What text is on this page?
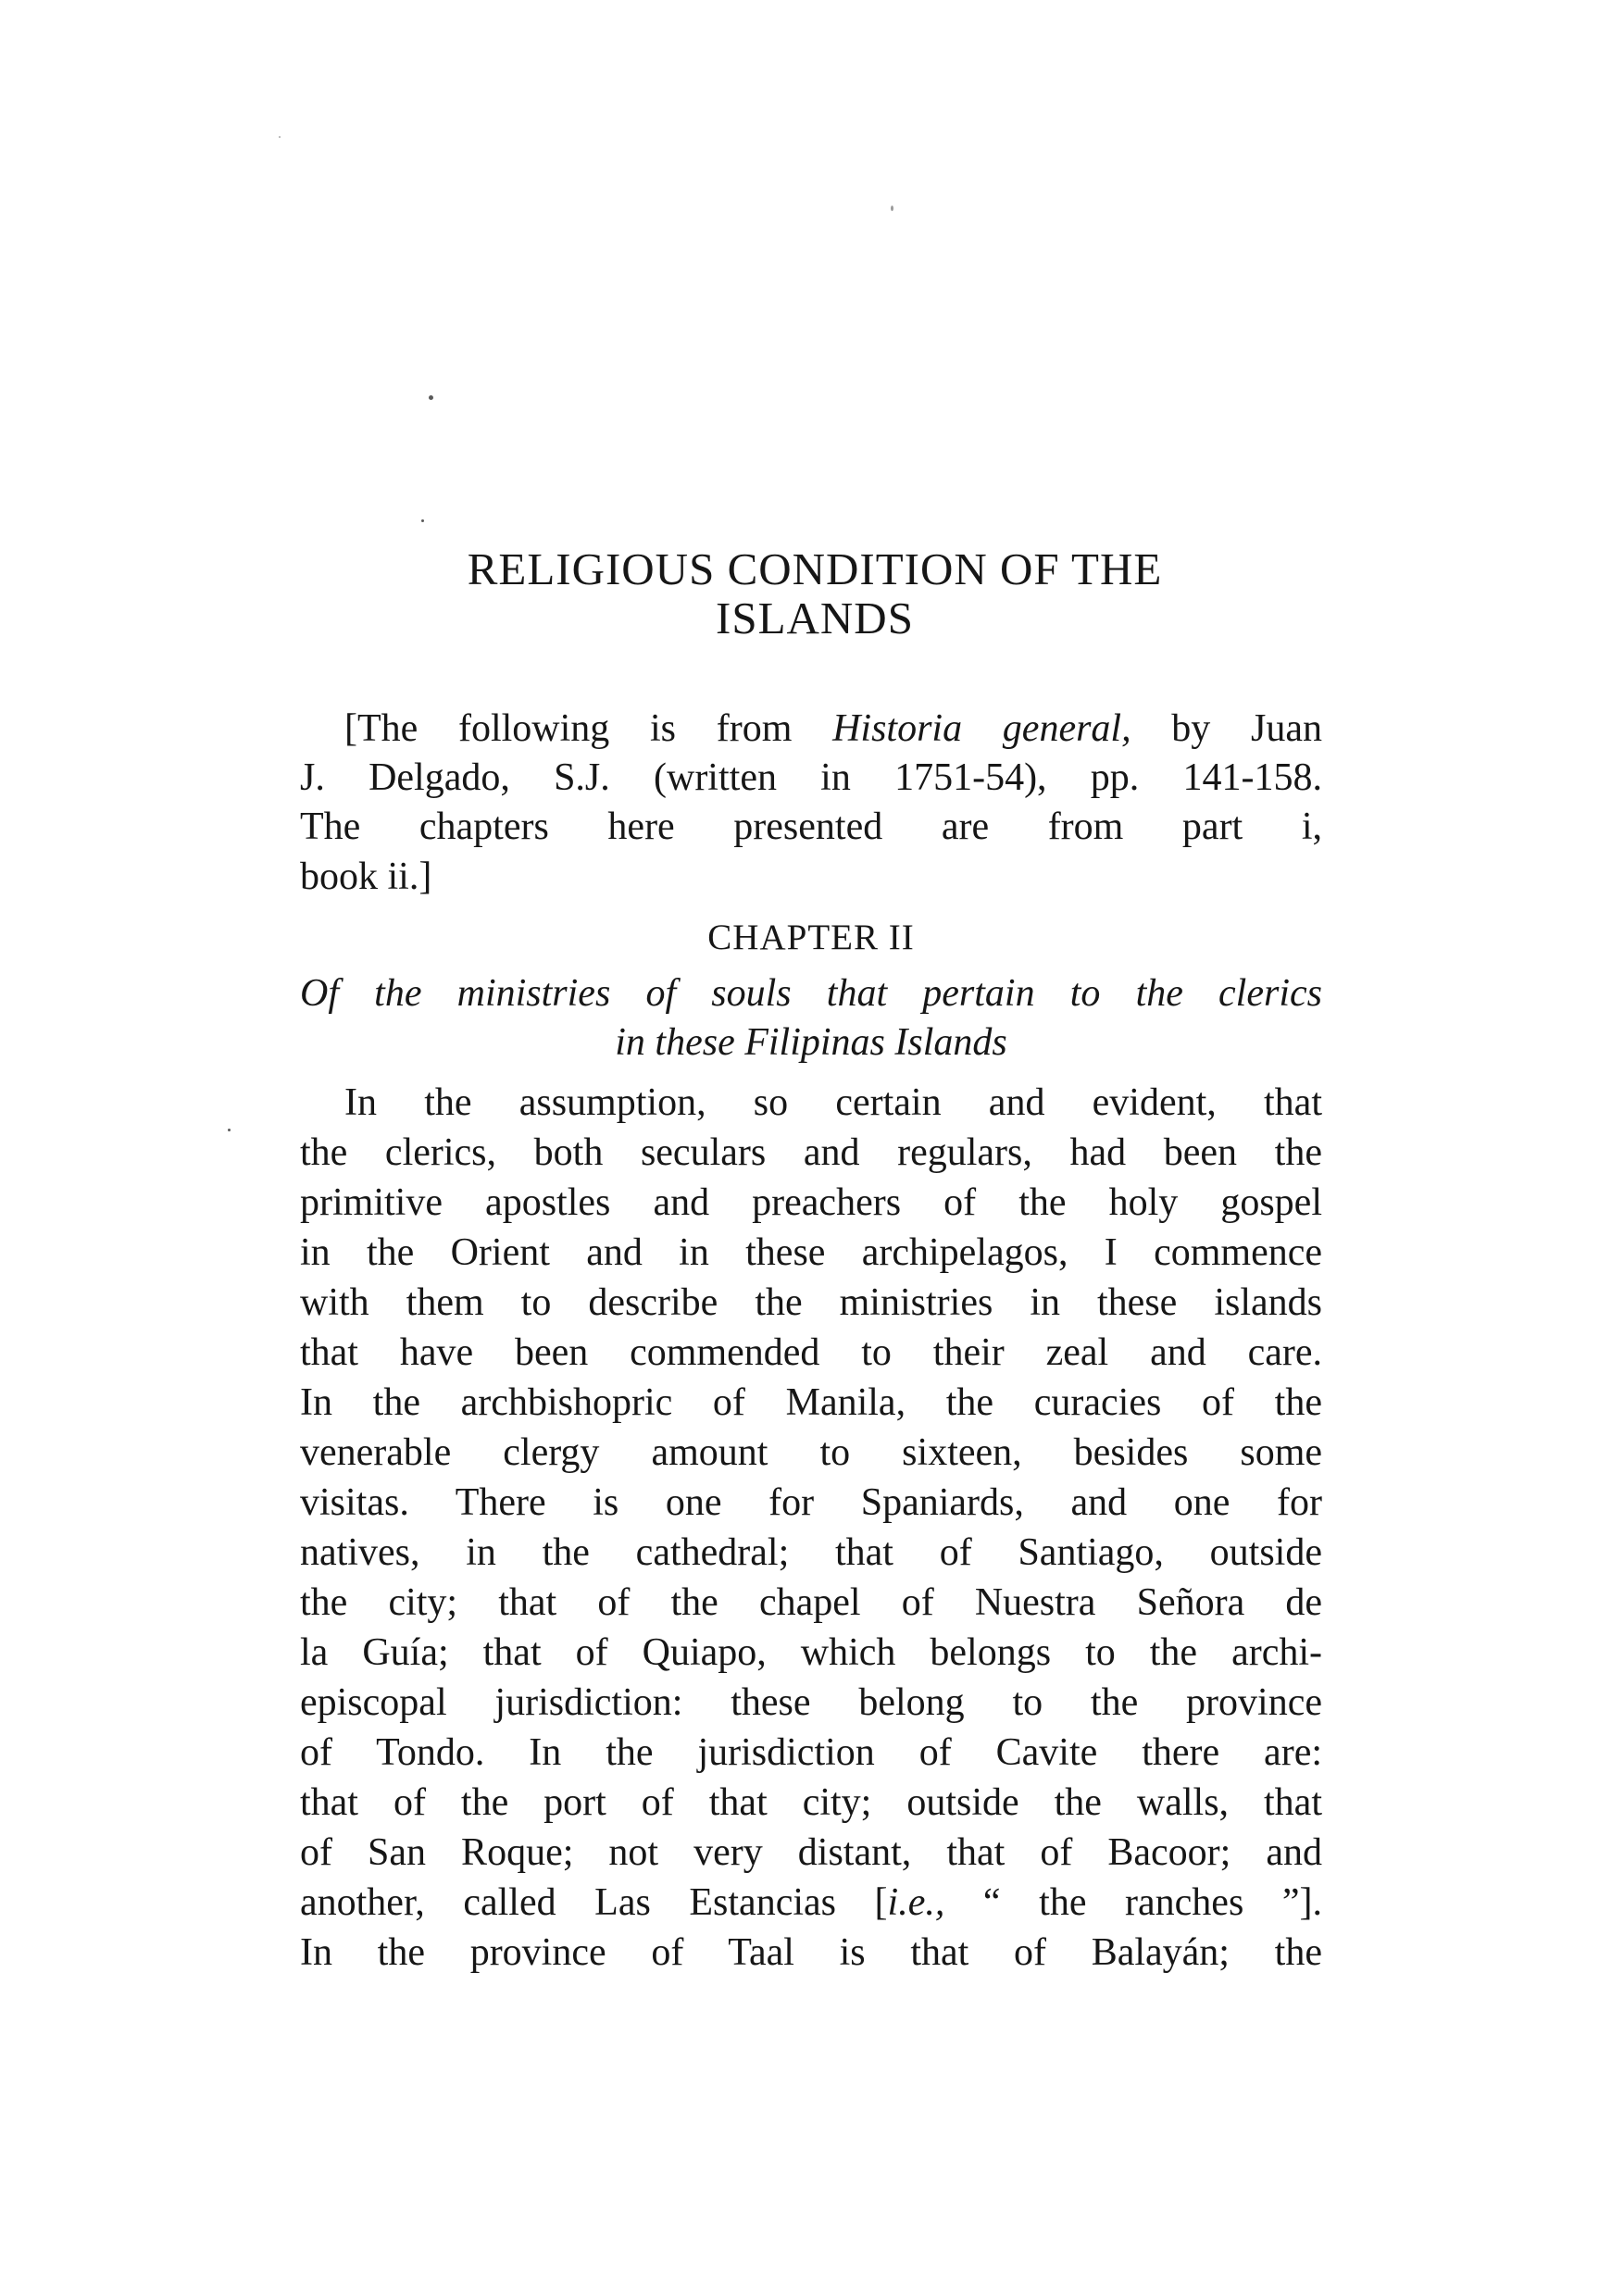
RELIGIOUS CONDITION OF THE
ISLANDS

[The following is from Historia general, by Juan

J. Delgado, S.J. (written in 1751-54), pp. 141-158.

The chapters here presented are from part i,

book ii.]

CHAPTER II

Of the ministries of souls that pertain to the clerics

in these Filipinas Islands

In the assumption, so certain and evident, that

the clerics, both seculars and regulars, had been the

primitive apostles and preachers of the holy gospel

in the Orient and in these archipelagos, I commence

with them to describe the ministries in these islands

that have been commended to their zeal and care.

In the archbishopric of Manila, the curacies of the

venerable clergy amount to sixteen, besides some

visitas. There is one for Spaniards, and one for

natives, in the cathedral; that of Santiago, outside

the city; that of the chapel of Nuestra Señora de

la Guía; that of Quiapo, which belongs to the archi-

episcopal jurisdiction: these belong to the province

of Tondo. In the jurisdiction of Cavite there are:

that of the port of that city; outside the walls, that

of San Roque; not very distant, that of Bacoor; and

another, called Las Estancias [i.e., “ the ranches ”].

In the province of Taal is that of Balayán; the
